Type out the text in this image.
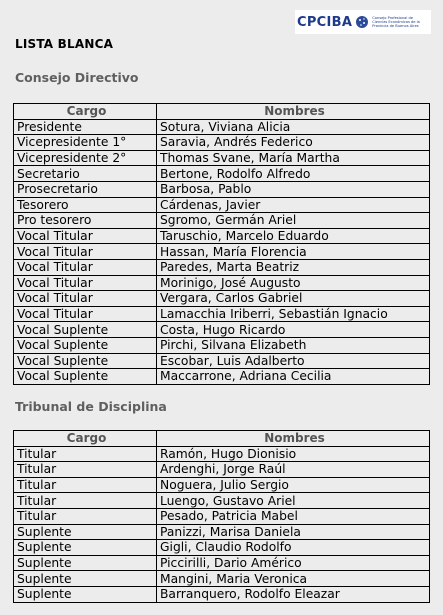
CPCIBA	Consejo Profesional de Ciencias Económicas de la Provincia de Buenos Aires
LISTA BLANCA
Consejo Directivo
Cargo	Nombres
Presidente	Sotura, Viviana Alicia
Vicepresidente 1°	Saravia, Andrés Federico
Vicepresidente 2°	Thomas Svane, María Martha
Secretario	Bertone, Rodolfo Alfredo
Prosecretario	Barbosa, Pablo
Tesorero	Cárdenas, Javier
Pro tesorero	Sgromo, Germán Ariel
Vocal Titular	Taruschio, Marcelo Eduardo
Vocal Titular	Hassan, María Florencia
Vocal Titular	Paredes, Marta Beatriz
Vocal Titular	Morinigo, José Augusto
Vocal Titular	Vergara, Carlos Gabriel
Vocal Titular	Lamacchia Iriberri, Sebastián Ignacio
Vocal Suplente	Costa, Hugo Ricardo
Vocal Suplente	Pirchi, Silvana Elizabeth
Vocal Suplente	Escobar, Luis Adalberto
Vocal Suplente	Maccarrone, Adriana Cecilia
Tribunal de Disciplina
Cargo	Nombres
Titular	Ramón, Hugo Dionisio
Titular	Ardenghi, Jorge Raúl
Titular	Noguera, Julio Sergio
Titular	Luengo, Gustavo Ariel
Titular	Pesado, Patricia Mabel
Suplente	Panizzi, Marisa Daniela
Suplente	Gigli, Claudio Rodolfo
Suplente	Piccirilli, Dario Américo
Suplente	Mangini, Maria Veronica
Suplente	Barranquero, Rodolfo Eleazar
